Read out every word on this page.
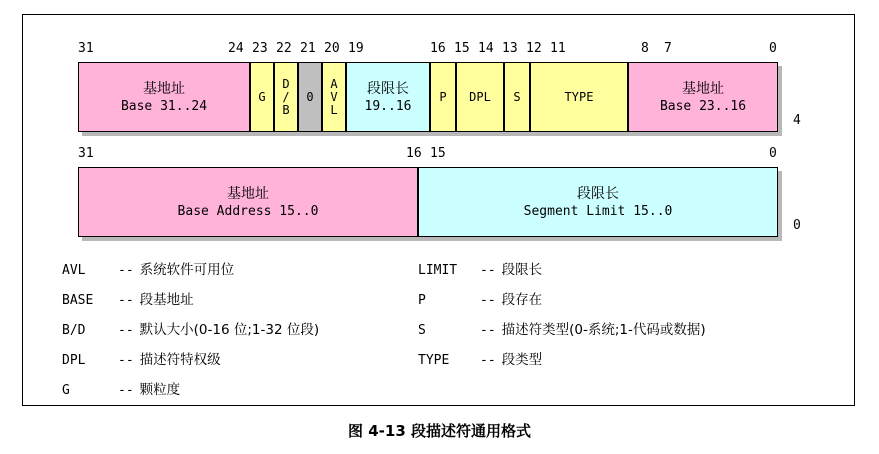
31	24 23 22 21 20 19	16 15 14 13 12 11	8 7	0
基地址
Base 31..24
G
D
/
B
0
A
V
L
段限长
19..16
P DPL S	TYPE	基地址
Base 23..16
4
31	16 15	0
基地址
Base Address 15..0
段限长
Segment Limit 15..0
0
AVL	-- 系统软件可用位
BASE	-- 段基地址
B/D	-- 默认大小(0-16 位;1-32 位段)
DPL	-- 描述符特权级
G	-- 颗粒度
LIMIT	-- 段限长
P	-- 段存在
S	-- 描述符类型(0-系统;1-代码或数据)
TYPE	-- 段类型
图 4-13 段描述符通用格式
